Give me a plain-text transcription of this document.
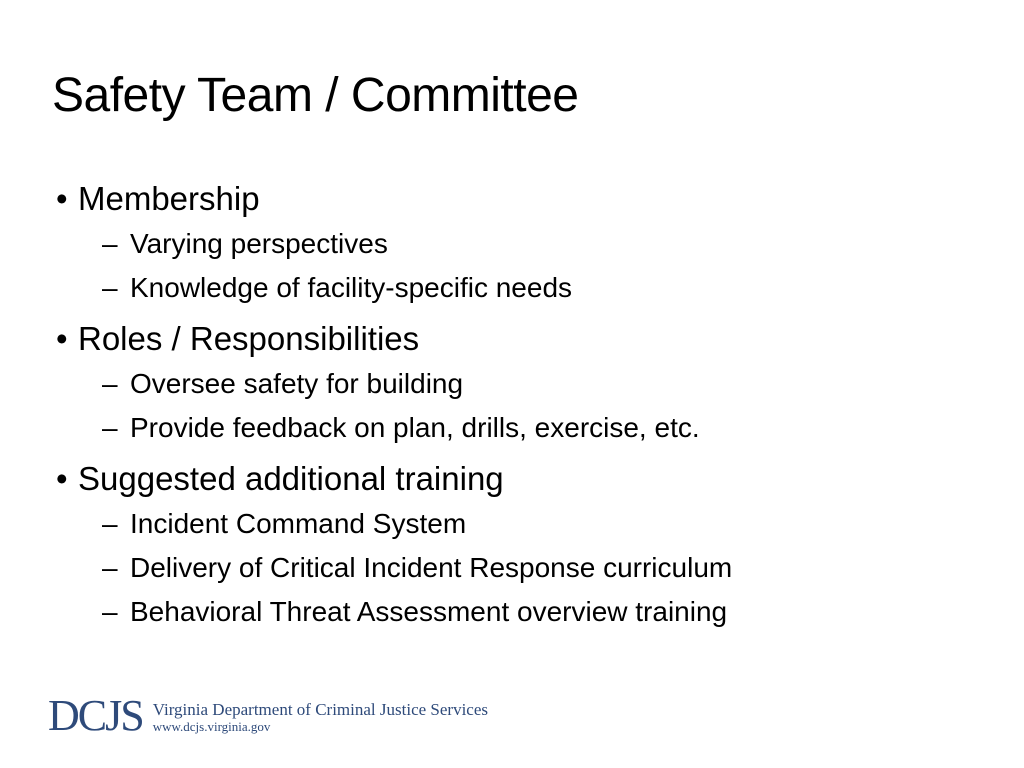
Safety Team / Committee
• Membership
– Varying perspectives
– Knowledge of facility-specific needs
• Roles / Responsibilities
– Oversee safety for building
– Provide feedback on plan, drills, exercise, etc.
• Suggested additional training
– Incident Command System
– Delivery of Critical Incident Response curriculum
– Behavioral Threat Assessment overview training
DCJS Virginia Department of Criminal Justice Services
www.dcjs.virginia.gov
